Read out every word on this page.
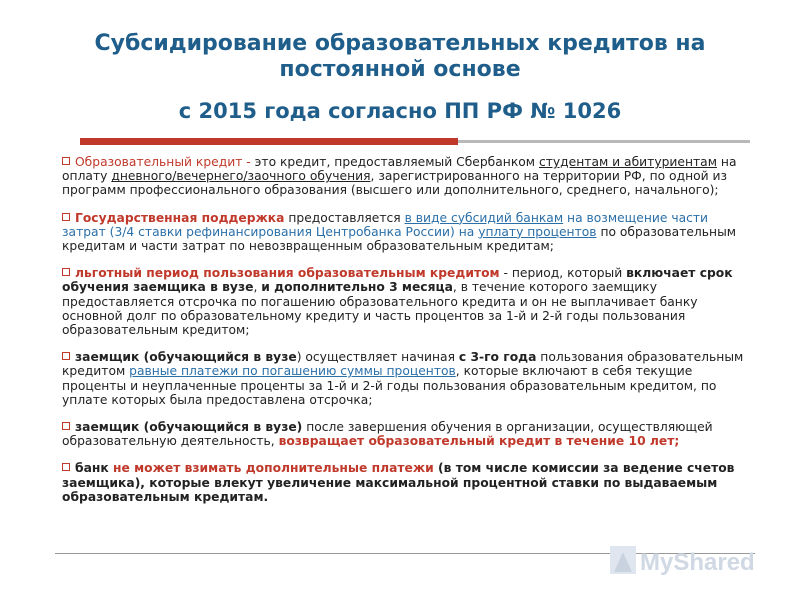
Субсидирование образовательных кредитов на
постоянной основе
с 2015 года согласно ПП РФ № 1026
Образовательный кредит - это кредит, предоставляемый Сбербанком студентам и абитуриентам на оплату дневного/вечернего/заочного обучения, зарегистрированного на территории РФ, по одной из программ профессионального образования (высшего или дополнительного, среднего, начального);
Государственная поддержка предоставляется в виде субсидий банкам на возмещение части затрат (3/4 ставки рефинансирования Центробанка России) на уплату процентов по образовательным кредитам и части затрат по невозвращенным образовательным кредитам;
льготный период пользования образовательным кредитом - период, который включает срок обучения заемщика в вузе, и дополнительно 3 месяца, в течение которого заемщику предоставляется отсрочка по погашению образовательного кредита и он не выплачивает банку основной долг по образовательному кредиту и часть процентов за 1-й и 2-й годы пользования образовательным кредитом;
заемщик (обучающийся в вузе) осуществляет начиная с 3-го года пользования образовательным кредитом равные платежи по погашению суммы процентов, которые включают в себя текущие проценты и неуплаченные проценты за 1-й и 2-й годы пользования образовательным кредитом, по уплате которых была предоставлена отсрочка;
заемщик (обучающийся в вузе) после завершения обучения в организации, осуществляющей образовательную деятельность, возвращает образовательный кредит в течение 10 лет;
банк не может взимать дополнительные платежи (в том числе комиссии за ведение счетов заемщика), которые влекут увеличение максимальной процентной ставки по выдаваемым образовательным кредитам.
MyShared
